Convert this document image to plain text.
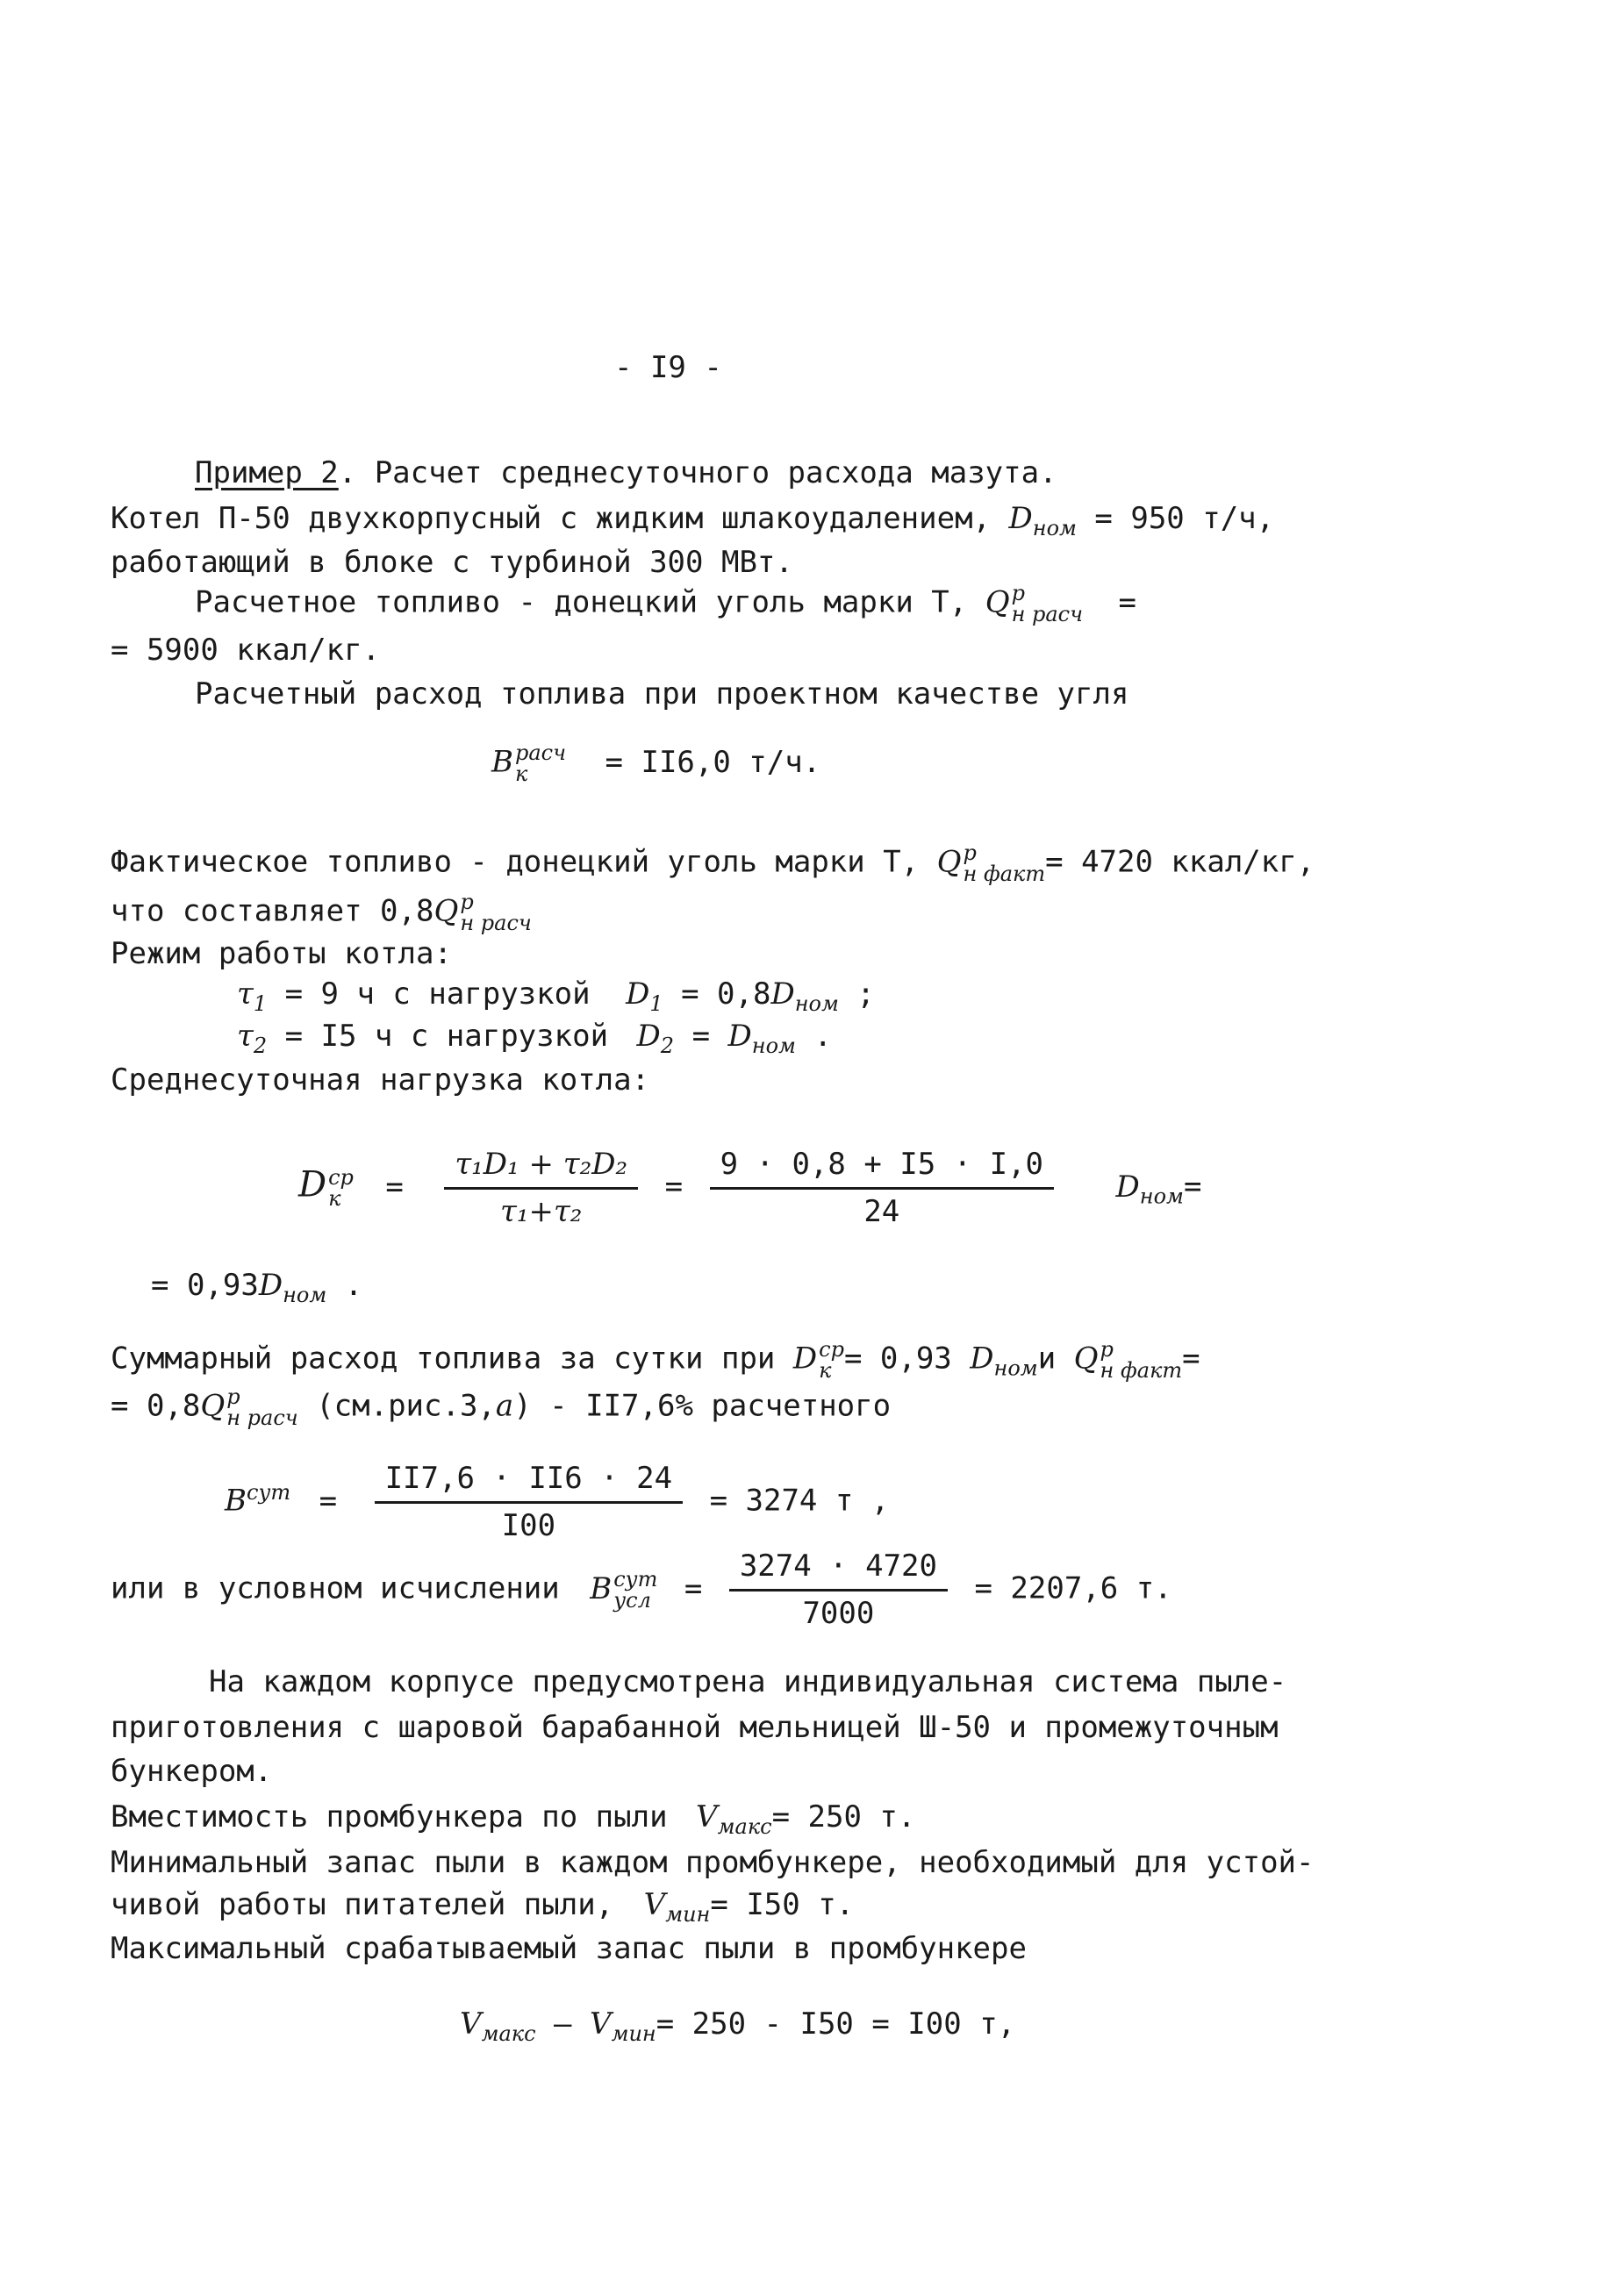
- I9 -
Пример 2. Расчет среднесуточного расхода мазута.
Котел П-50 двухкорпусный с жидким шлакоудалением, $D_{ном} = 950$ т/ч,
работающий в блоке с турбиной 300 МВт.
Расчетное топливо - донецкий уголь марки Т, Q р
н расч =
= 5900 ккал/кг.
Расчетный расход топлива при проектном качестве угля
B расч
к	= II6,0 т/ч.
Фактическое топливо - донецкий уголь марки Т, Q р
н факт = 4720 ккал/кг,
что составляет 0,8Q р
н расч
Режим работы котла:
$\tau_1 = 9$ ч с нагрузкой $D_1 = 0,8D_{ном}$ ;
$\tau_2 = I5$ ч с нагрузкой $D_2 = D_{ном}$ .
Среднесуточная нагрузка котла:
D ср
к	= $\frac{\text{τ₁D₁ + τ₂D₂}}{\text{τ₁+τ₂}} = \frac{9 \cdot 0,8 + I5 \cdot I,0}{24} D_{ном}=$
= $0,93D_{ном}$ .
Суммарный расход топлива за сутки при D ср
к = 0,93 $D_{ном}и$ Q р
н факт =
= 0,8Q р
н расч (см.рис.3,а) - II7,6% расчетного
$B^{сут} = \frac{II7,6 \cdot II6 \cdot 24}{I00} = 3274$ т ,
или в условном исчислении B сут
усл = $\frac{3274 \cdot 4720}{7000} = 2207,6$ т.
На каждом корпусе предусмотрена индивидуальная система пыле-
приготовления с шаровой барабанной мельницей Ш-50 и промежуточным
бункером.
Вместимость промбункера по пыли $V_{макс}= 250$ т.
Минимальный запас пыли в каждом промбункере, необходимый для устой-
чивой работы питателей пыли, $V_{мин}= I50$ т.
Максимальный срабатываемый запас пыли в промбункере
$V_{макс} - V_{мин}= 250 - I50 = I00$ т,
